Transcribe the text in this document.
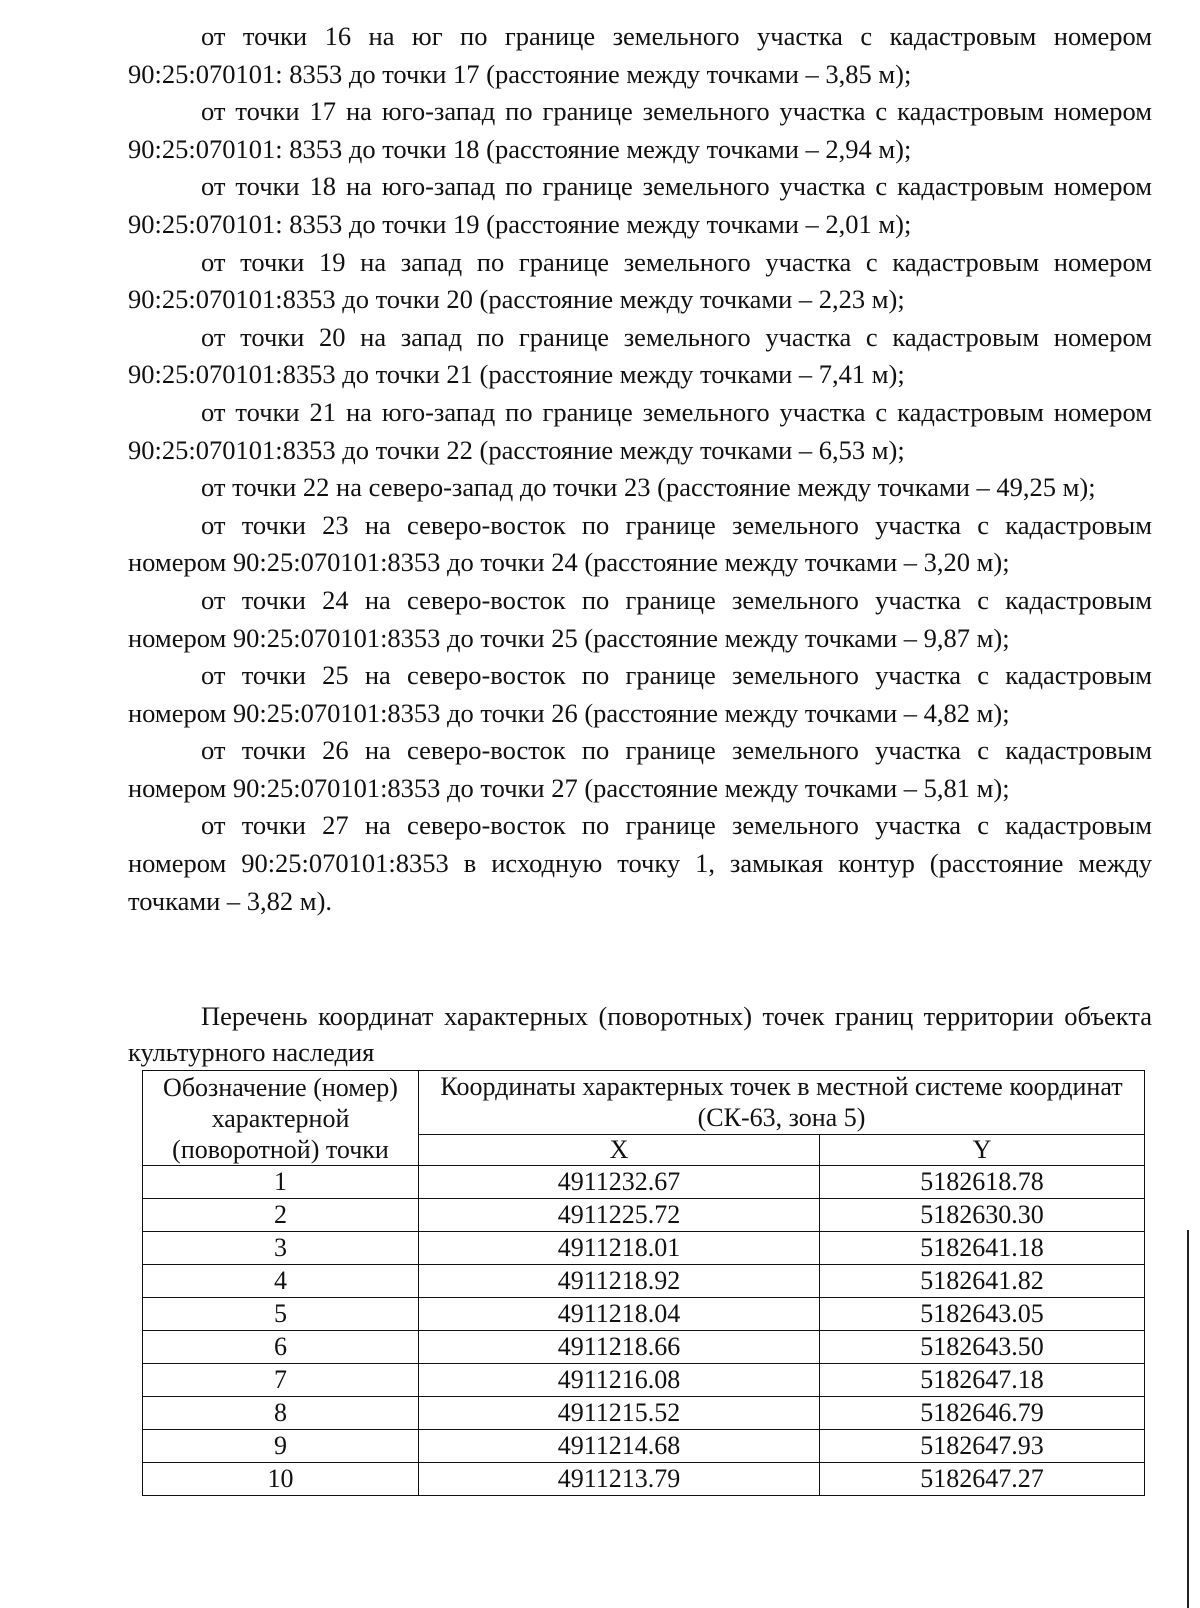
от точки 16 на юг по границе земельного участка с кадастровым номером 90:25:070101: 8353 до точки 17 (расстояние между точками – 3,85 м);

от точки 17 на юго-запад по границе земельного участка с кадастровым номером 90:25:070101: 8353 до точки 18 (расстояние между точками – 2,94 м);

от точки 18 на юго-запад по границе земельного участка с кадастровым номером 90:25:070101: 8353 до точки 19 (расстояние между точками – 2,01 м);

от точки 19 на запад по границе земельного участка с кадастровым номером 90:25:070101:8353 до точки 20 (расстояние между точками – 2,23 м);

от точки 20 на запад по границе земельного участка с кадастровым номером 90:25:070101:8353 до точки 21 (расстояние между точками – 7,41 м);

от точки 21 на юго-запад по границе земельного участка с кадастровым номером 90:25:070101:8353 до точки 22 (расстояние между точками – 6,53 м);

от точки 22 на северо-запад до точки 23 (расстояние между точками – 49,25 м);

от точки 23 на северо-восток по границе земельного участка с кадастровым номером 90:25:070101:8353 до точки 24 (расстояние между точками – 3,20 м);

от точки 24 на северо-восток по границе земельного участка с кадастровым номером 90:25:070101:8353 до точки 25 (расстояние между точками – 9,87 м);

от точки 25 на северо-восток по границе земельного участка с кадастровым номером 90:25:070101:8353 до точки 26 (расстояние между точками – 4,82 м);

от точки 26 на северо-восток по границе земельного участка с кадастровым номером 90:25:070101:8353 до точки 27 (расстояние между точками – 5,81 м);

от точки 27 на северо-восток по границе земельного участка с кадастровым номером 90:25:070101:8353 в исходную точку 1, замыкая контур (расстояние между точками – 3,82 м).

Перечень координат характерных (поворотных) точек границ территории объекта культурного наследия

Обозначение (номер) характерной (поворотной) точки	Координаты характерных точек в местной системе координат (СК-63, зона 5)	
	X	Y
1	4911232.67	5182618.78
2	4911225.72	5182630.30
3	4911218.01	5182641.18
4	4911218.92	5182641.82
5	4911218.04	5182643.05
6	4911218.66	5182643.50
7	4911216.08	5182647.18
8	4911215.52	5182646.79
9	4911214.68	5182647.93
10	4911213.79	5182647.27
